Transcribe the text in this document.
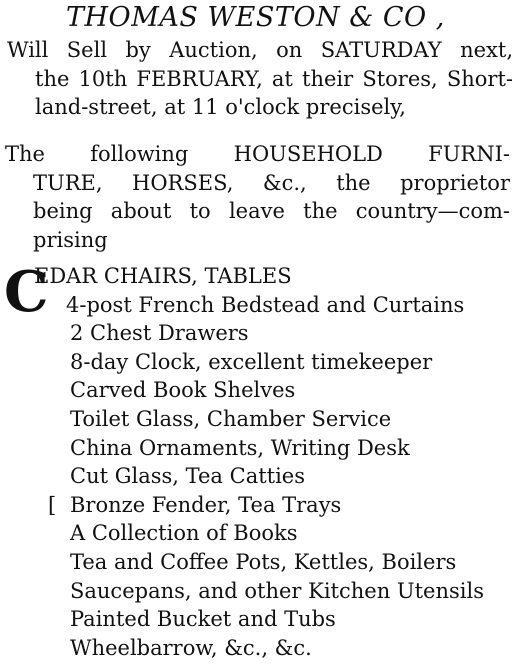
THOMAS WESTON & CO ,
Will Sell by Auction, on SATURDAY next,
the 10th FEBRUARY, at their Stores, Short-
land-street, at 11 o'clock precisely,
The following HOUSEHOLD FURNI-
TURE, HORSES, &c., the proprietor
being about to leave the country—com-
prising
C
EDAR CHAIRS, TABLES
4-post French Bedstead and Curtains
2 Chest Drawers
8-day Clock, excellent timekeeper
Carved Book Shelves
Toilet Glass, Chamber Service
China Ornaments, Writing Desk
Cut Glass, Tea Catties
[ Bronze Fender, Tea Trays
A Collection of Books
Tea and Coffee Pots, Kettles, Boilers
Saucepans, and other Kitchen Utensils
Painted Bucket and Tubs
Wheelbarrow, &c., &c.
